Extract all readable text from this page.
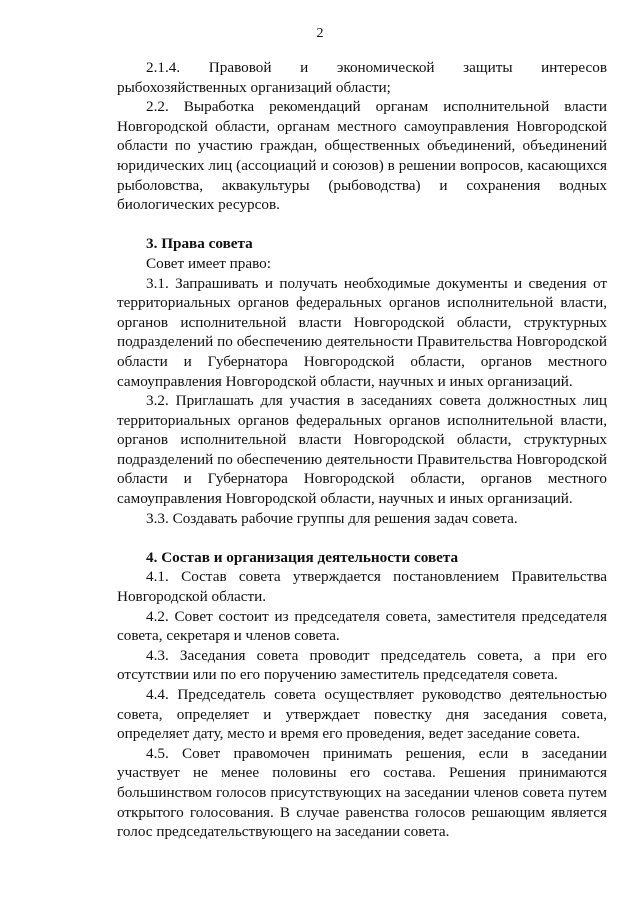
2

2.1.4. Правовой и экономической защиты интересов рыбохозяйственных организаций области;

2.2. Выработка рекомендаций органам исполнительной власти Новгородской области, органам местного самоуправления Новгородской области по участию граждан, общественных объединений, объединений юридических лиц (ассоциаций и союзов) в решении вопросов, касающихся рыболовства, аквакультуры (рыбоводства) и сохранения водных биологических ресурсов.

3. Права совета

Совет имеет право:

3.1. Запрашивать и получать необходимые документы и сведения от территориальных органов федеральных органов исполнительной власти, органов исполнительной власти Новгородской области, структурных подразделений по обеспечению деятельности Правительства Новгородской области и Губернатора Новгородской области, органов местного самоуправления Новгородской области, научных и иных организаций.

3.2. Приглашать для участия в заседаниях совета должностных лиц территориальных органов федеральных органов исполнительной власти, органов исполнительной власти Новгородской области, структурных подразделений по обеспечению деятельности Правительства Новгородской области и Губернатора Новгородской области, органов местного самоуправления Новгородской области, научных и иных организаций.

3.3. Создавать рабочие группы для решения задач совета.

4. Состав и организация деятельности совета

4.1. Состав совета утверждается постановлением Правительства Новгородской области.

4.2. Совет состоит из председателя совета, заместителя председателя совета, секретаря и членов совета.

4.3. Заседания совета проводит председатель совета, а при его отсутствии или по его поручению заместитель председателя совета.

4.4. Председатель совета осуществляет руководство деятельностью совета, определяет и утверждает повестку дня заседания совета, определяет дату, место и время его проведения, ведет заседание совета.

4.5. Совет правомочен принимать решения, если в заседании участвует не менее половины его состава. Решения принимаются большинством голосов присутствующих на заседании членов совета путем открытого голосования. В случае равенства голосов решающим является голос председательствующего на заседании совета.
